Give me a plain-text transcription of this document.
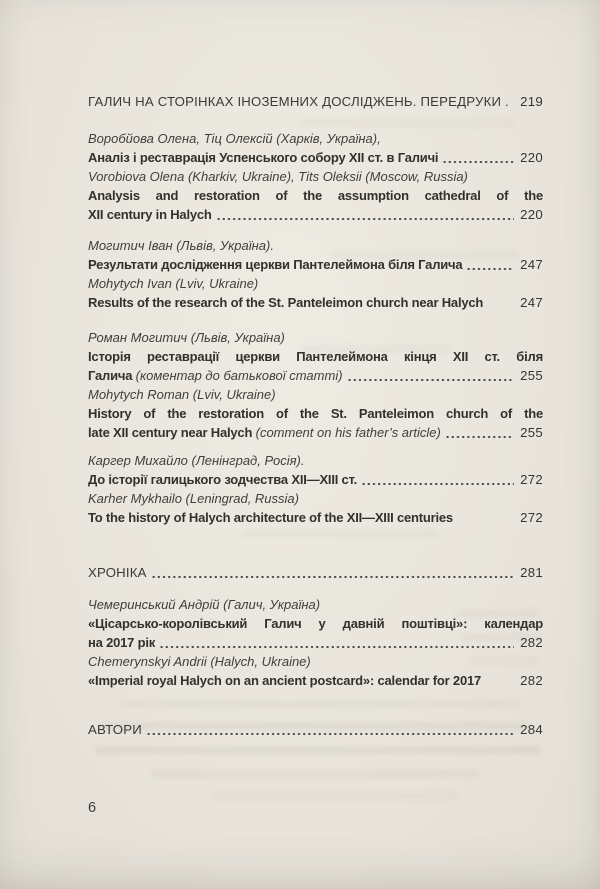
ГАЛИЧ НА СТОРІНКАХ ІНОЗЕМНИХ ДОСЛІДЖЕНЬ. ПЕРЕДРУКИ . 219
Воробйова Олена, Тіц Олексій (Харків, Україна),
Аналіз і реставрація Успенського собору XII ст. в Галичі	220
Vorobiova Olena (Kharkiv, Ukraine), Tits Oleksii (Moscow, Russia)
Analysis and restoration of the assumption cathedral of the
XII century in Halych	220
Могитич Іван (Львів, Україна).
Результати дослідження церкви Пантелеймона біля Галича	247
Mohytych Ivan (Lviv, Ukraine)
Results of the research of the St. Panteleimon church near Halych	247
Роман Могитич (Львів, Україна)
Історія реставрації церкви Пантелеймона кінця XII ст. біля
Галича (коментар до батькової статті)	255
Mohytych Roman (Lviv, Ukraine)
History of the restoration of the St. Panteleimon church of the
late XII century near Halych (comment on his father’s article)	255
Каргер Михайло (Ленінград, Росія).
До історії галицького зодчества XII—XIII ст.	272
Karher Mykhailo (Leningrad, Russia)
To the history of Halych architecture of the XII—XIII centuries	272
ХРОНІКА	281
Чемеринський Андрій (Галич, Україна)
«Цісарсько-королівський Галич у давній поштівці»: календар
на 2017 рік	282
Chemerynskyi Andrii (Halych, Ukraine)
«Imperial royal Halych on an ancient postcard»: calendar for 2017	282
АВТОРИ	284
6
